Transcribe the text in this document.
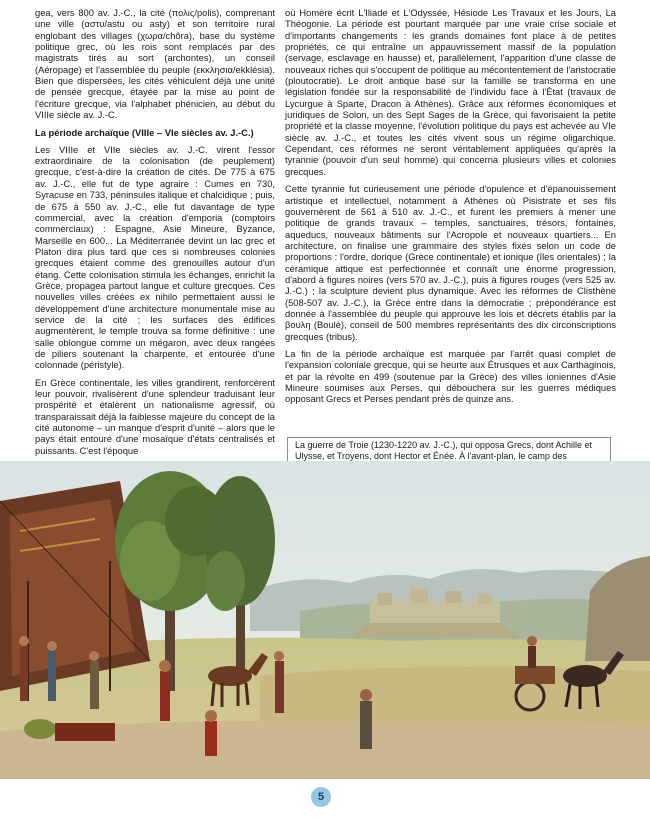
gea, vers 800 av. J.-C., la cité (πολις/polis), comprenant une ville (αστυ/astu ou asty) et son territoire rural englobant des villages (χωρα/chôra), base du système politique grec, où les rois sont remplacés par des magistrats tirés au sort (archontes), un conseil (Aéropage) et l'assemblée du peuple (εκκλησια/ekklésia). Bien que dispersées, les cités véhiculent déjà une unité de pensée grecque, étayée par la mise au point de l'écriture grecque, via l'alphabet phénicien, au début du VIIIe siècle av. J.-C.

La période archaïque (VIIIe – VIe siècles av. J.-C.)

Les VIIIe et VIIe siècles av. J.-C. virent l'essor extraordinaire de la colonisation (de peuplement) grecque, c'est-à-dire la création de cités. De 775 à 675 av. J.-C., elle fut de type agraire : Cumes en 730, Syracuse en 733, péninsules italique et chalcidique ; puis, de 675 à 550 av. J.-C., elle fut davantage de type commercial, avec la création d'emporia (comptoirs commerciaux) : Espagne, Asie Mineure, Byzance, Marseille en 600... La Méditerranée devint un lac grec et Platon dira plus tard que ces si nombreuses colonies grecques étaient comme des grenouilles autour d'un étang. Cette colonisation stimula les échanges, enrichit la Grèce, propagea partout langue et culture grecques. Ces nouvelles villes créées ex nihilo permettaient aussi le développement d'une architecture monumentale mise au service de la cité ; les surfaces des édifices augmentèrent, le temple trouva sa forme définitive : une salle oblongue comme un mégaron, avec deux rangées de piliers soutenant la charpente, et entourée d'une colonnade (péristyle).

En Grèce continentale, les villes grandirent, renforcèrent leur pouvoir, rivalisèrent d'une splendeur traduisant leur prospérité et étalèrent un nationalisme agressif, où transparaissait déjà la faiblesse majeure du concept de la cité autonome – un manque d'esprit d'unité – alors que le pays était entouré d'une mosaïque d'états centralisés et puissants. C'est l'époque

où Homère écrit L'Iliade et L'Odyssée, Hésiode Les Travaux et les Jours, La Théogonie. La période est pourtant marquée par une vraie crise sociale et d'importants changements : les grands domaines font place à de petites propriétés, ce qui entraîne un appauvrissement massif de la population (servage, esclavage en hausse) et, parallèlement, l'apparition d'une classe de nouveaux riches qui s'occupent de politique au mécontentement de l'aristocratie (ploutocratie). Le droit antique basé sur la famille se transforma en une législation fondée sur la responsabilité de l'individu face à l'État (travaux de Lycurgue à Sparte, Dracon à Athènes). Grâce aux réformes économiques et juridiques de Solon, un des Sept Sages de la Grèce, qui favorisaient la petite propriété et la classe moyenne, l'évolution politique du pays est achevée au VIe siècle av. J.-C., et toutes les cités vivent sous un régime oligarchique. Cependant, ces réformes ne seront véritablement appliquées qu'après la tyrannie (pouvoir d'un seul homme) qui concerna plusieurs villes et colonies grecques.

Cette tyrannie fut curieusement une période d'opulence et d'épanouissement artistique et intellectuel, notamment à Athènes où Pisistrate et ses fils gouvernèrent de 561 à 510 av. J.-C., et furent les premiers à mener une politique de grands travaux – temples, sanctuaires, trésors, fontaines, aqueducs, nouveaux bâtiments sur l'Acropole et nouveaux quartiers... En architecture, on finalise une grammaire des styles fixés selon un code de proportions : l'ordre, dorique (Grèce continentale) et ionique (îles orientales) ; la céramique attique est perfectionnée et connaît une énorme progression, d'abord à figures noires (vers 570 av. J.-C.), puis à figures rouges (vers 525 av. J.-C.) ; la sculpture devient plus dynamique. Avec les réformes de Clisthène (508-507 av. J.-C.), la Grèce entre dans la démocratie ; prépondérance est donnée à l'assemblée du peuple qui approuve les lois et décrets établis par la βουλη (Boulè), conseil de 500 membres représentants des dix circonscriptions grecques (tribus).

La fin de la période archaïque est marquée par l'arrêt quasi complet de l'expansion coloniale grecque, qui se heurte aux Étrusques et aux Carthaginois, et par la révolte en 499 (soutenue par la Grèce) des villes ioniennes d'Asie Mineure soumises aux Perses, qui débouchera sur les guerres médiques opposant Grecs et Perses pendant près de quinze ans.

La guerre de Troie (1230-1220 av. J.-C.), qui opposa Grecs, dont Achille et Ulysse, et Troyens, dont Hector et Énée. À l'avant-plan, le camp des
5
